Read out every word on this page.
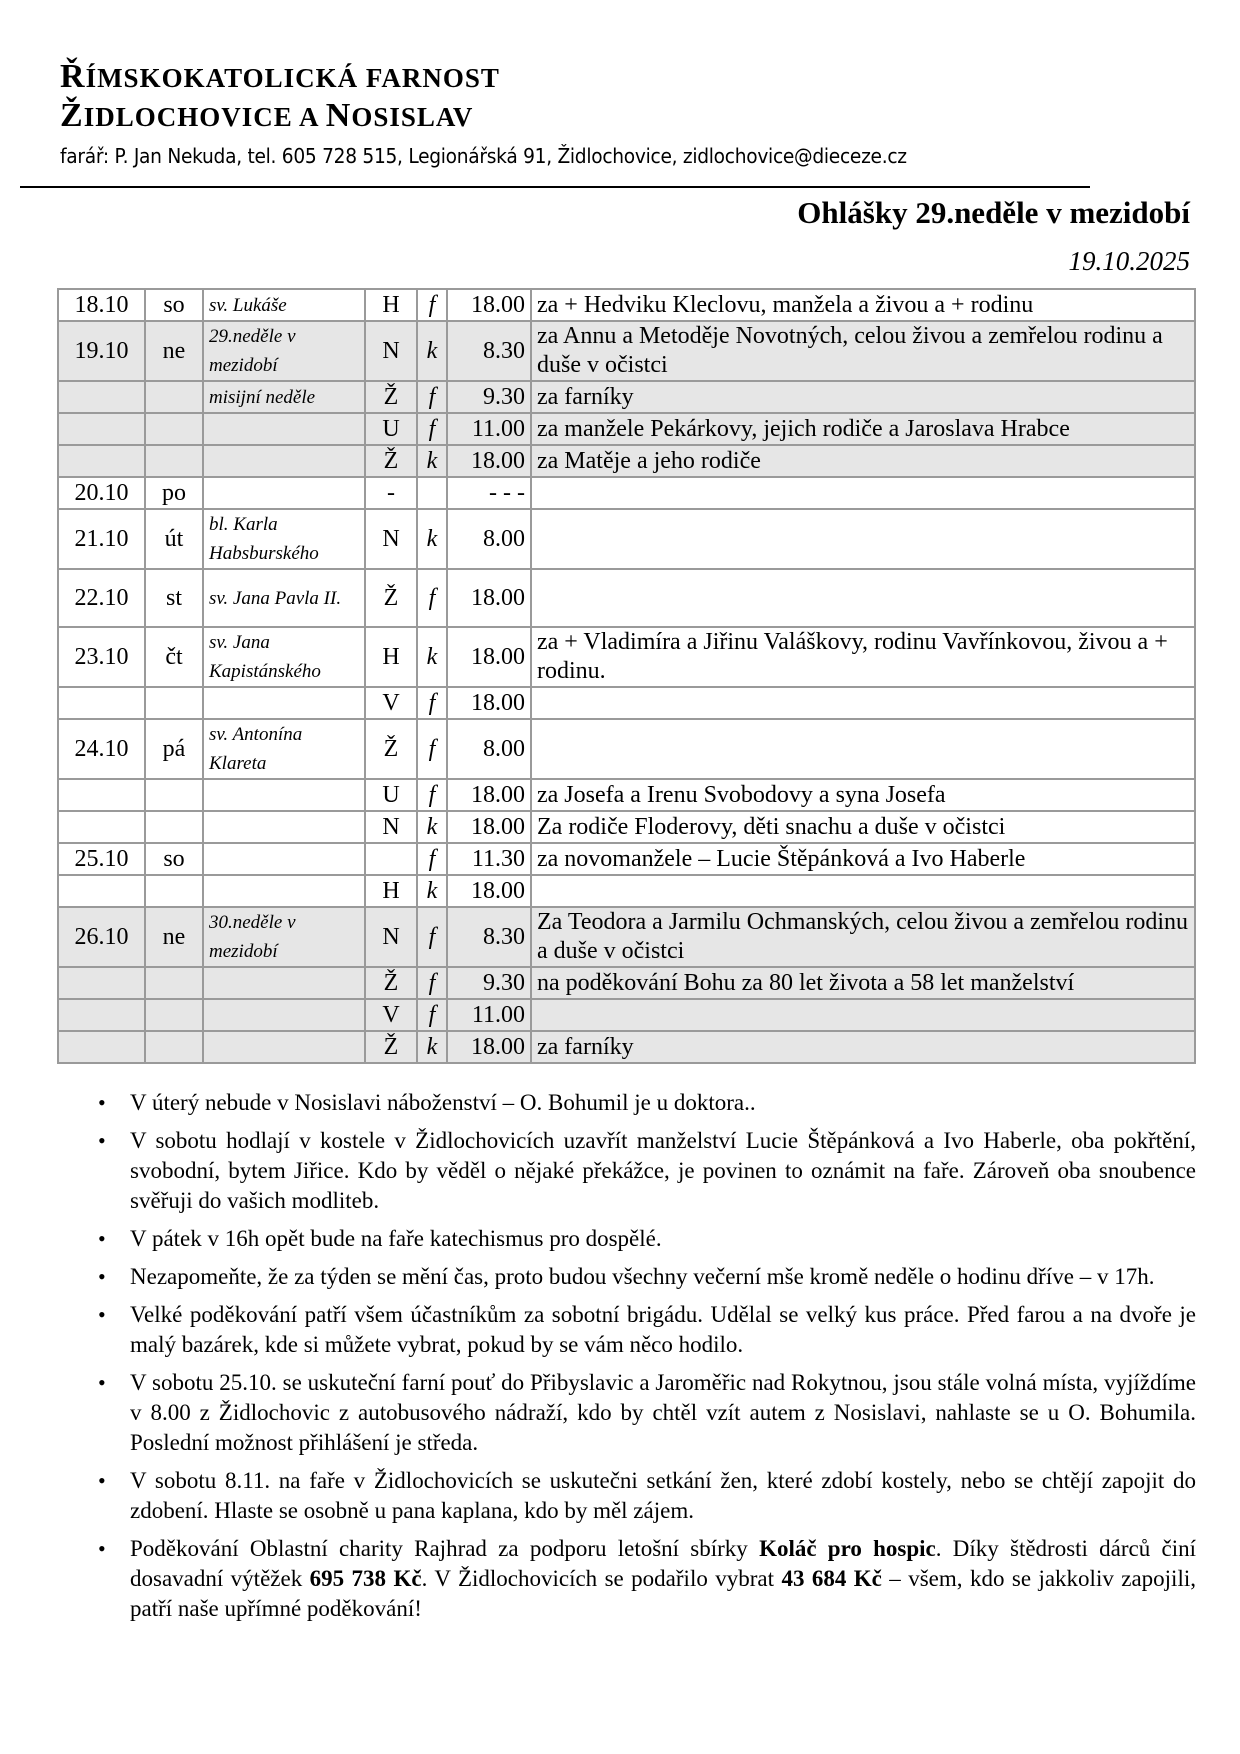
ŘÍMSKOKATOLICKÁ FARNOST
ŽIDLOCHOVICE A NOSISLAV
farář: P. Jan Nekuda, tel. 605 728 515, Legionářská 91, Židlochovice, zidlochovice@dieceze.cz
Ohlášky 29.neděle v mezidobí
19.10.2025
18.10	so	sv. Lukáše	H	f	18.00	za + Hedviku Kleclovu, manžela a živou a + rodinu
19.10	ne	29.neděle v mezidobí	N	k	8.30	za Annu a Metoděje Novotných, celou živou a zemřelou rodinu a duše v očistci
		misijní neděle	Ž	f	9.30	za farníky
			U	f	11.00	za manžele Pekárkovy, jejich rodiče a Jaroslava Hrabce
			Ž	k	18.00	za Matěje a jeho rodiče
20.10	po		-		- - -	
21.10	út	bl. Karla Habsburského	N	k	8.00	
22.10	st	sv. Jana Pavla II.	Ž	f	18.00	
23.10	čt	sv. Jana Kapistánského	H	k	18.00	za + Vladimíra a Jiřinu Valáškovy, rodinu Vavřínkovou, živou a + rodinu.
			V	f	18.00	
24.10	pá	sv. Antonína Klareta	Ž	f	8.00	
			U	f	18.00	za Josefa a Irenu Svobodovy a syna Josefa
			N	k	18.00	Za rodiče Floderovy, děti snachu a duše v očistci
25.10	so			f	11.30	za novomanžele – Lucie Štěpánková a Ivo Haberle
			H	k	18.00	
26.10	ne	30.neděle v mezidobí	N	f	8.30	Za Teodora a Jarmilu Ochmanských, celou živou a zemřelou rodinu a duše v očistci
			Ž	f	9.30	na poděkování Bohu za 80 let života a 58 let manželství
			V	f	11.00	
			Ž	k	18.00	za farníky
• V úterý nebude v Nosislavi náboženství – O. Bohumil je u doktora..
• V sobotu hodlají v kostele v Židlochovicích uzavřít manželství Lucie Štěpánková a Ivo Haberle, oba pokřtění, svobodní, bytem Jiřice. Kdo by věděl o nějaké překážce, je povinen to oznámit na faře. Zároveň oba snoubence svěřuji do vašich modliteb.
• V pátek v 16h opět bude na faře katechismus pro dospělé.
• Nezapomeňte, že za týden se mění čas, proto budou všechny večerní mše kromě neděle o hodinu dříve – v 17h.
• Velké poděkování patří všem účastníkům za sobotní brigádu. Udělal se velký kus práce. Před farou a na dvoře je malý bazárek, kde si můžete vybrat, pokud by se vám něco hodilo.
• V sobotu 25.10. se uskuteční farní pouť do Přibyslavic a Jaroměřic nad Rokytnou, jsou stále volná místa, vyjíždíme v 8.00 z Židlochovic z autobusového nádraží, kdo by chtěl vzít autem z Nosislavi, nahlaste se u O. Bohumila. Poslední možnost přihlášení je středa.
• V sobotu 8.11. na faře v Židlochovicích se uskutečni setkání žen, které zdobí kostely, nebo se chtějí zapojit do zdobení. Hlaste se osobně u pana kaplana, kdo by měl zájem.
• Poděkování Oblastní charity Rajhrad za podporu letošní sbírky Koláč pro hospic. Díky štědrosti dárců činí dosavadní výtěžek 695 738 Kč. V Židlochovicích se podařilo vybrat 43 684 Kč – všem, kdo se jakkoliv zapojili, patří naše upřímné poděkování!
